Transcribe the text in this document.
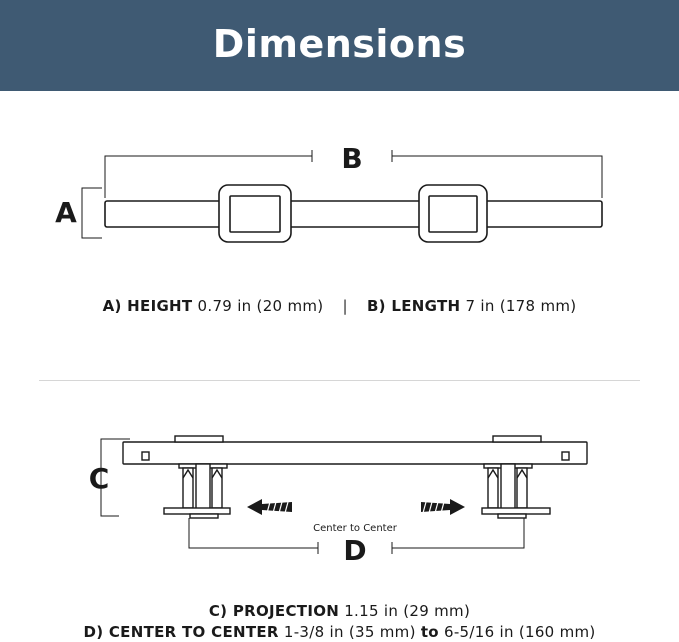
Dimensions
B
A
C
Center to Center
D
A) HEIGHT 0.79 in (20 mm) | B) LENGTH 7 in (178 mm)
C) PROJECTION 1.15 in (29 mm)
D) CENTER TO CENTER 1-3/8 in (35 mm) to 6-5/16 in (160 mm)
